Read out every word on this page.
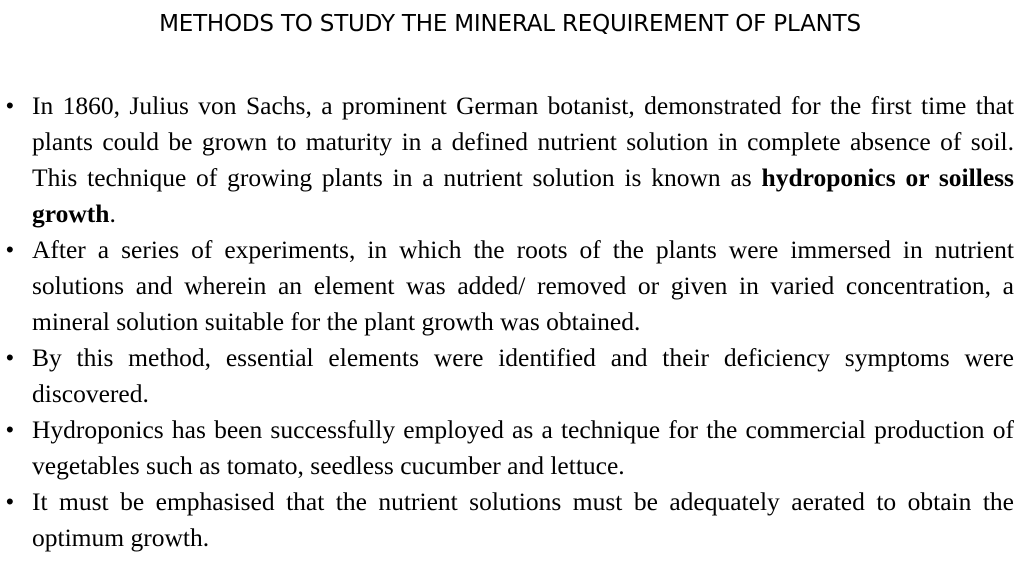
METHODS TO STUDY THE MINERAL REQUIREMENT OF PLANTS
• In 1860, Julius von Sachs, a prominent German botanist, demonstrated for the first time that plants could be grown to maturity in a defined nutrient solution in complete absence of soil. This technique of growing plants in a nutrient solution is known as hydroponics or soilless growth.
• After a series of experiments, in which the roots of the plants were immersed in nutrient solutions and wherein an element was added/ removed or given in varied concentration, a mineral solution suitable for the plant growth was obtained.
• By this method, essential elements were identified and their deficiency symptoms were discovered.
• Hydroponics has been successfully employed as a technique for the commercial production of vegetables such as tomato, seedless cucumber and lettuce.
• It must be emphasised that the nutrient solutions must be adequately aerated to obtain the optimum growth.
